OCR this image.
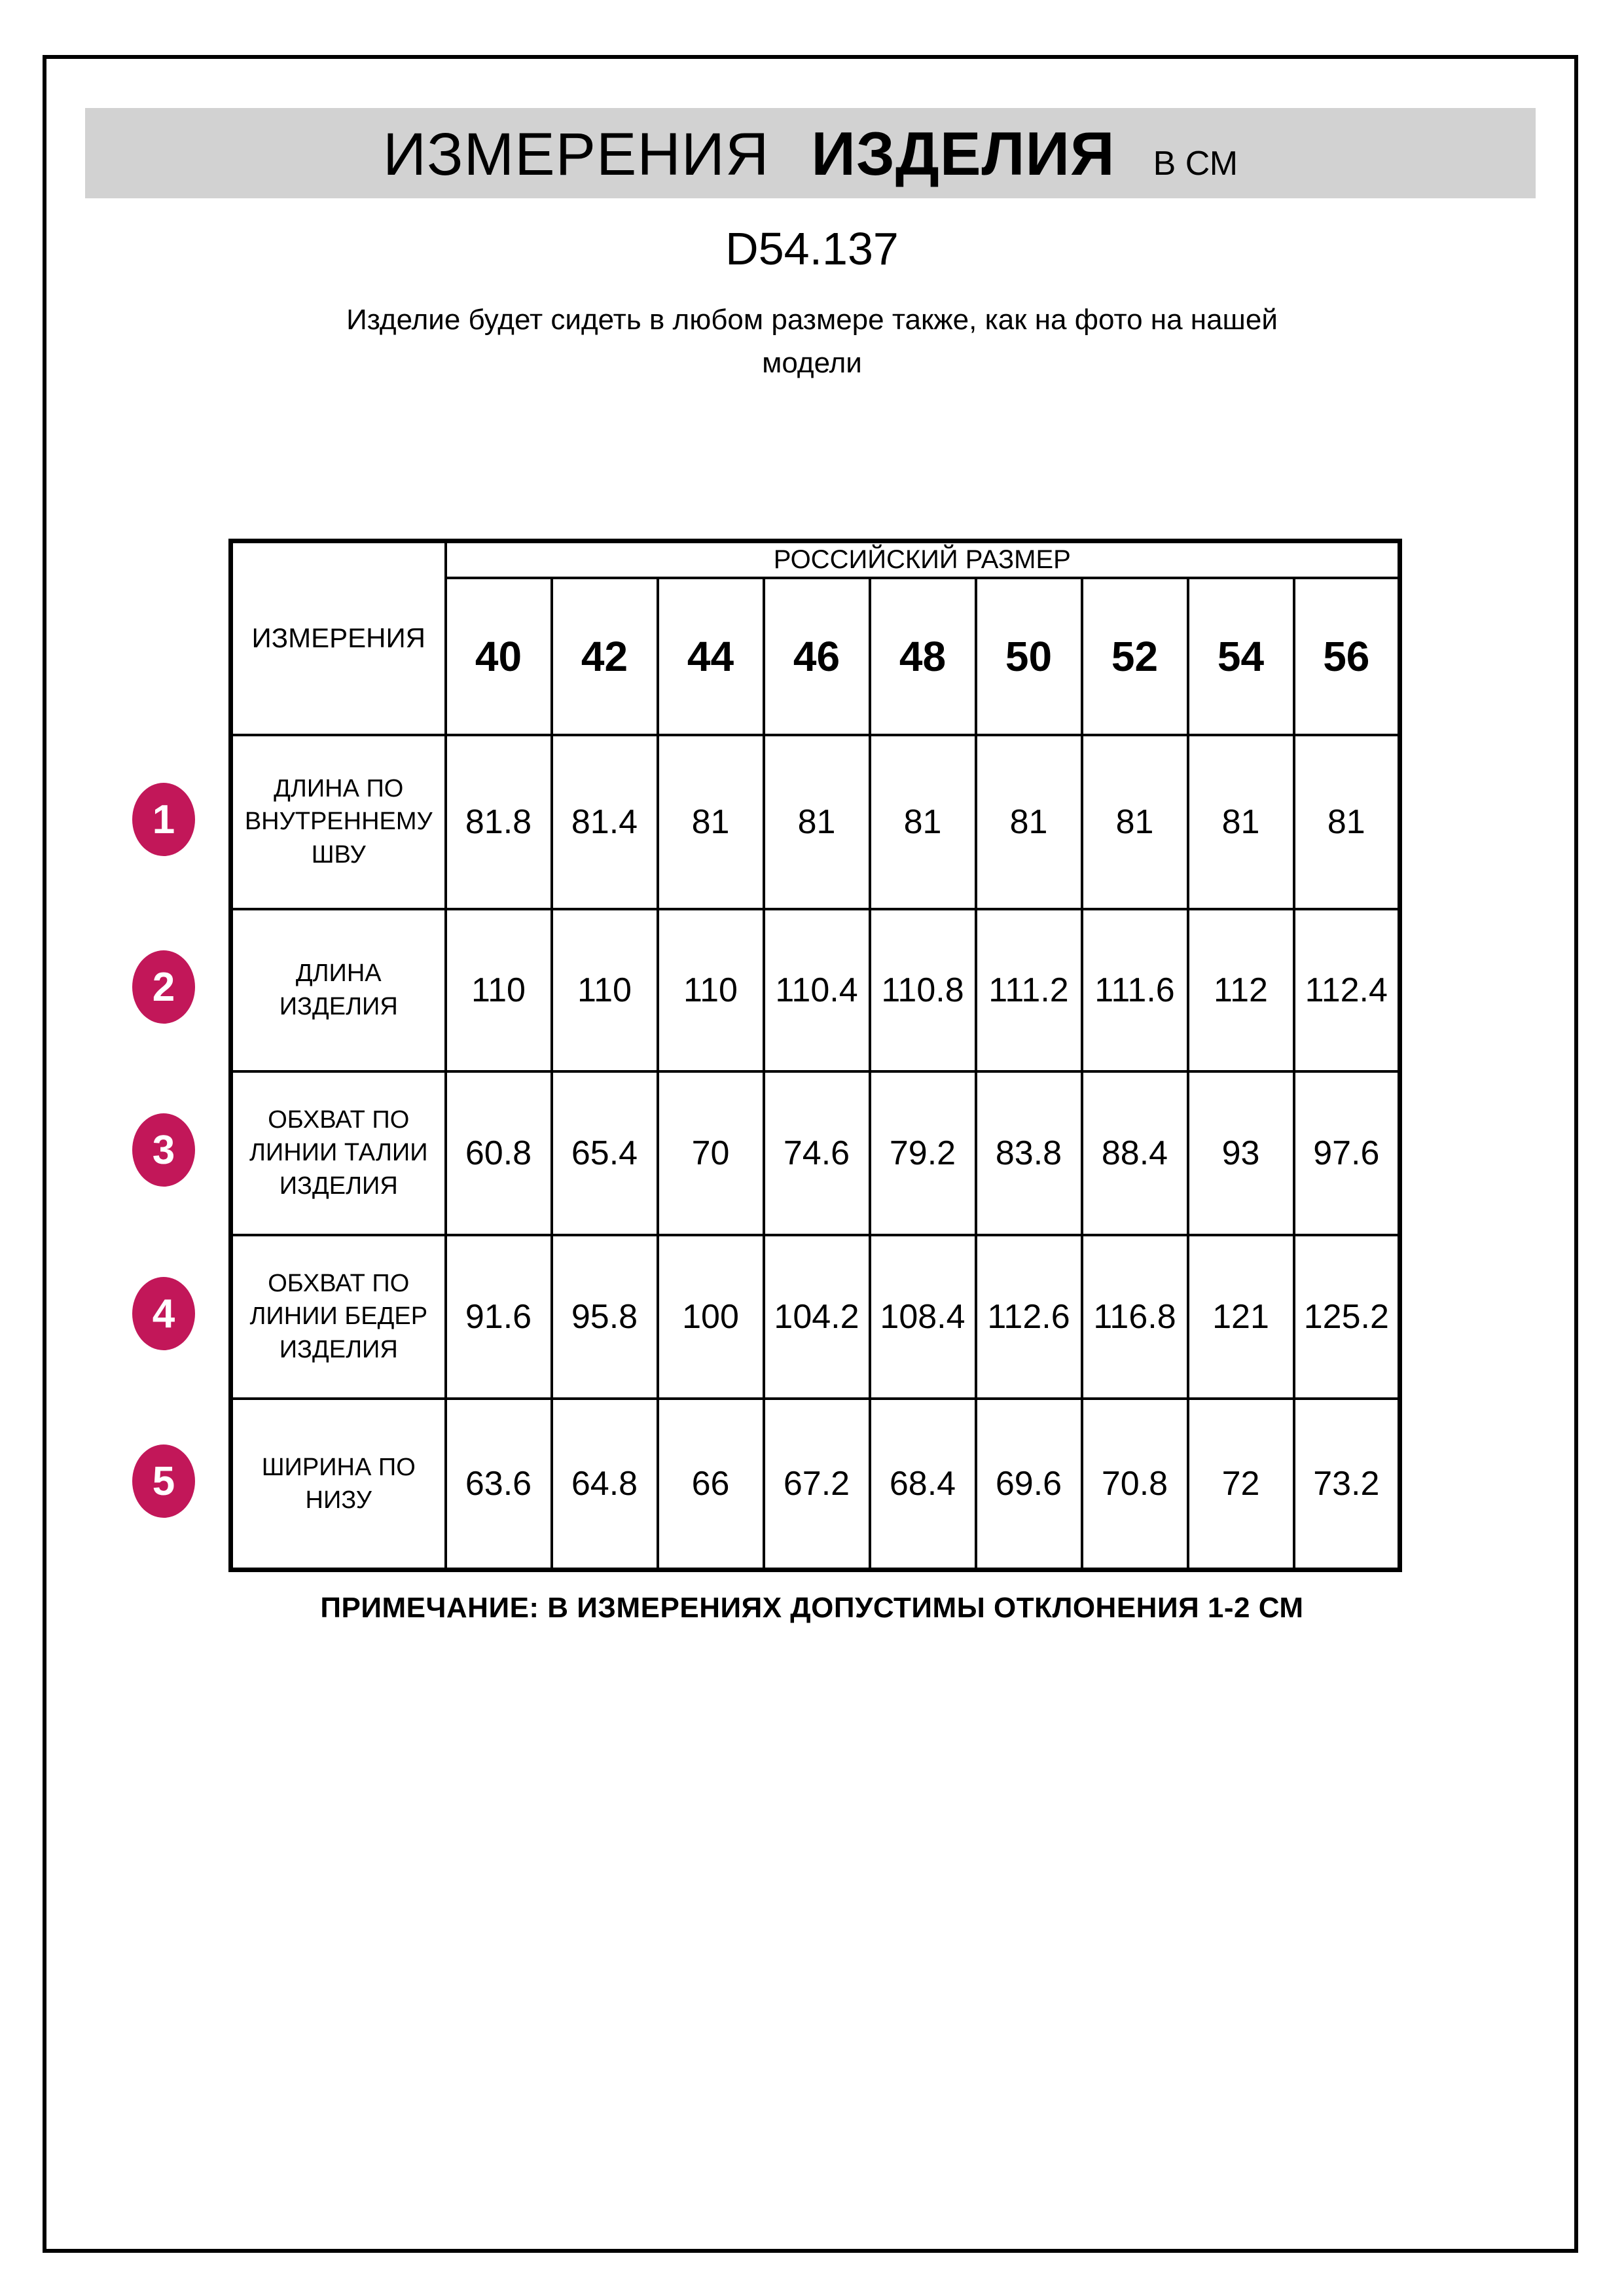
ИЗМЕРЕНИЯ ИЗДЕЛИЯ В СМ
D54.137
Изделие будет сидеть в любом размере также, как на фото на нашей модели
ИЗМЕРЕНИЯ	РОССИЙСКИЙ РАЗМЕР								
	40	42	44	46	48	50	52	54	56
ДЛИНА ПО ВНУТРЕННЕМУ ШВУ	81.8	81.4	81	81	81	81	81	81	81
ДЛИНА ИЗДЕЛИЯ	110	110	110	110.4	110.8	111.2	111.6	112	112.4
ОБХВАТ ПО ЛИНИИ ТАЛИИ ИЗДЕЛИЯ	60.8	65.4	70	74.6	79.2	83.8	88.4	93	97.6
ОБХВАТ ПО ЛИНИИ БЕДЕР ИЗДЕЛИЯ	91.6	95.8	100	104.2	108.4	112.6	116.8	121	125.2
ШИРИНА ПО НИЗУ	63.6	64.8	66	67.2	68.4	69.6	70.8	72	73.2
1
2
3
4
5
ПРИМЕЧАНИЕ: В ИЗМЕРЕНИЯХ ДОПУСТИМЫ ОТКЛОНЕНИЯ 1-2 СМ
